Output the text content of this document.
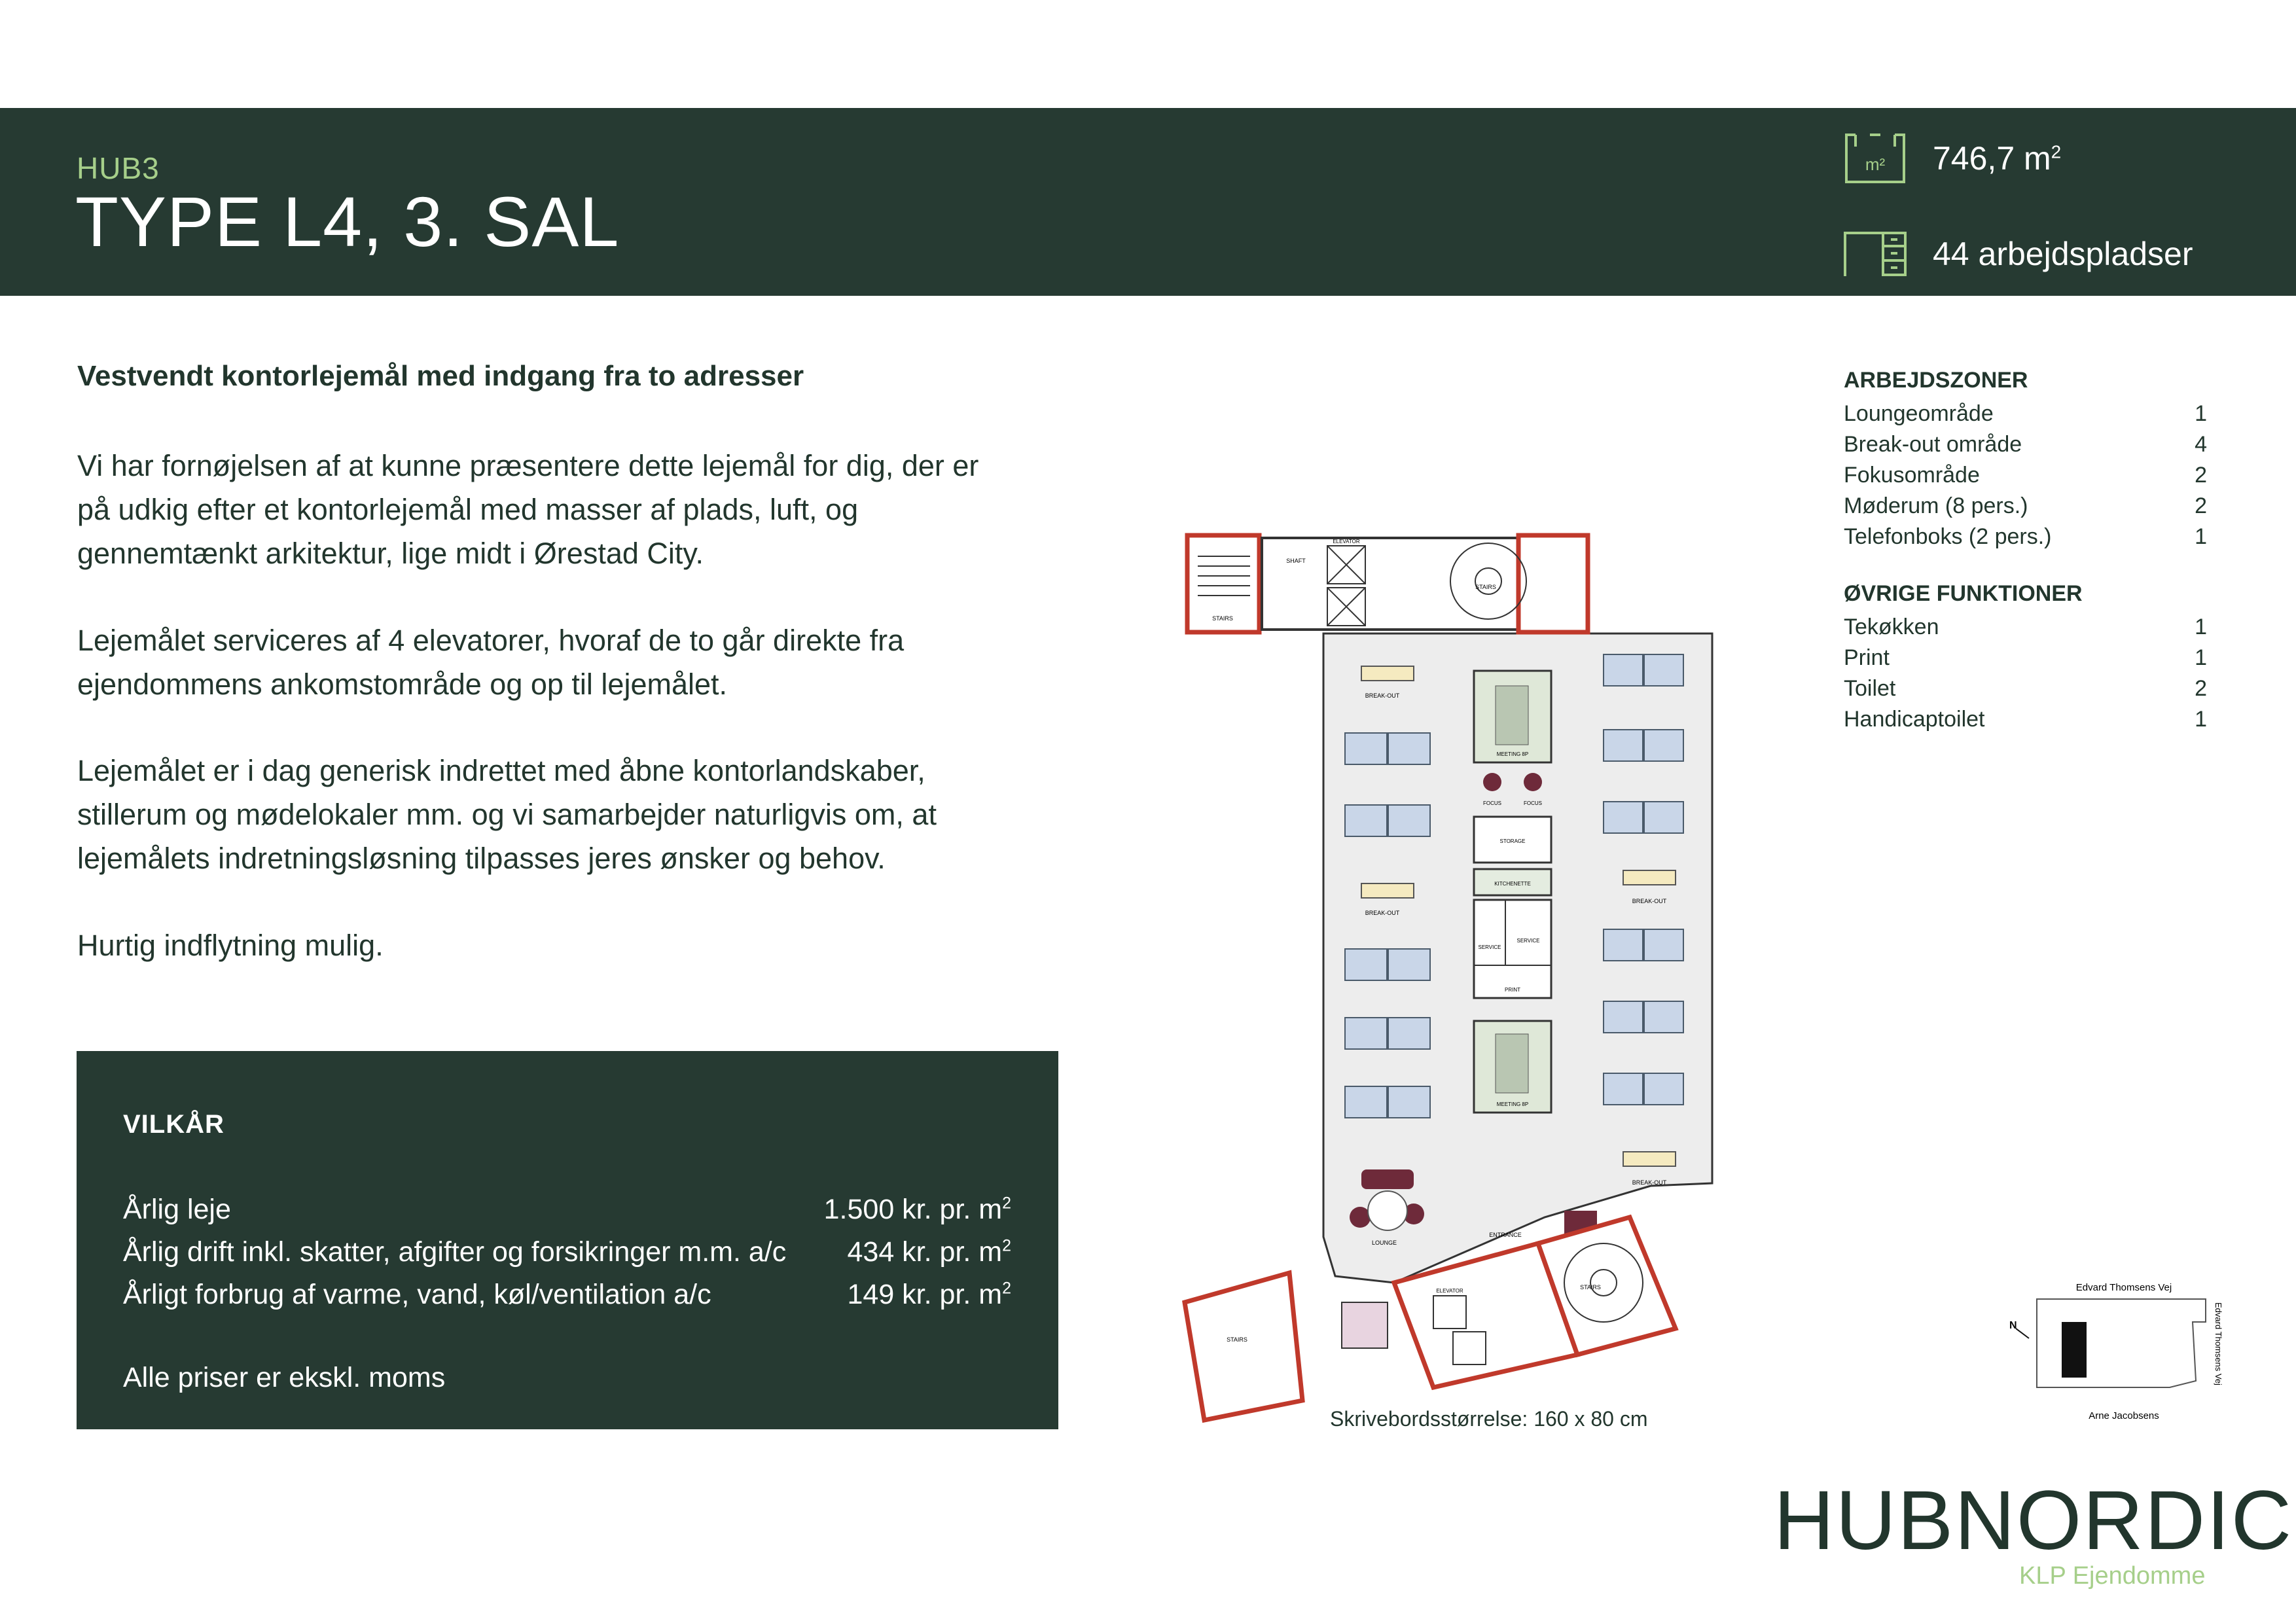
HUB3
TYPE L4, 3. SAL
m² 746,7 $m^2$
44 arbejdspladser
Vestvendt kontorlejemål med indgang fra to adresser
Vi har fornøjelsen af at kunne præsentere dette lejemål for dig, der er på udkig efter et kontorlejemål med masser af plads, luft, og gennemtænkt arkitektur, lige midt i Ørestad City.
Lejemålet serviceres af 4 elevatorer, hvoraf de to går direkte fra ejendommens ankomstområde og op til lejemålet.
Lejemålet er i dag generisk indrettet med åbne kontorlandskaber, stillerum og mødelokaler mm. og vi samarbejder naturligvis om, at lejemålets indretningsløsning tilpasses jeres ønsker og behov.
Hurtig indflytning mulig.
ARBEJDSZONER
Loungeområde	1
Break-out område	4
Fokusområde	2
Møderum (8 pers.)	2
Telefonboks (2 pers.)	1
ØVRIGE FUNKTIONER
Tekøkken	1
Print	1
Toilet	2
Handicaptoilet	1
VILKÅR
Årlig leje	1.500 kr. pr. $m^2$
Årlig drift inkl. skatter, afgifter og forsikringer m.m. a/c 434 kr. pr. $m^2$
Årligt forbrug af varme, vand, køl/ventilation a/c	149 kr. pr. $m^2$
Alle priser er ekskl. moms
STAIRS
ELEVATOR
STAIRS
SHAFT
BREAK-OUT
BREAK-OUT
BREAK-OUT
BREAK-OUT
MEETING 8P
FOCUS	FOCUS
STORAGE
KITCHENETTE
SERVICE
SERVICE
PRINT
MEETING 8P
LOUNGE
ENTRANCE
STAIRS
STAIRS
ELEVATOR
Skrivebordsstørrelse: 160 x 80 cm
Edvard Thomsens Vej
Edvard Thomsens Vej
Arne Jacobsens
N
HUBNORDIC
KLP Ejendomme
